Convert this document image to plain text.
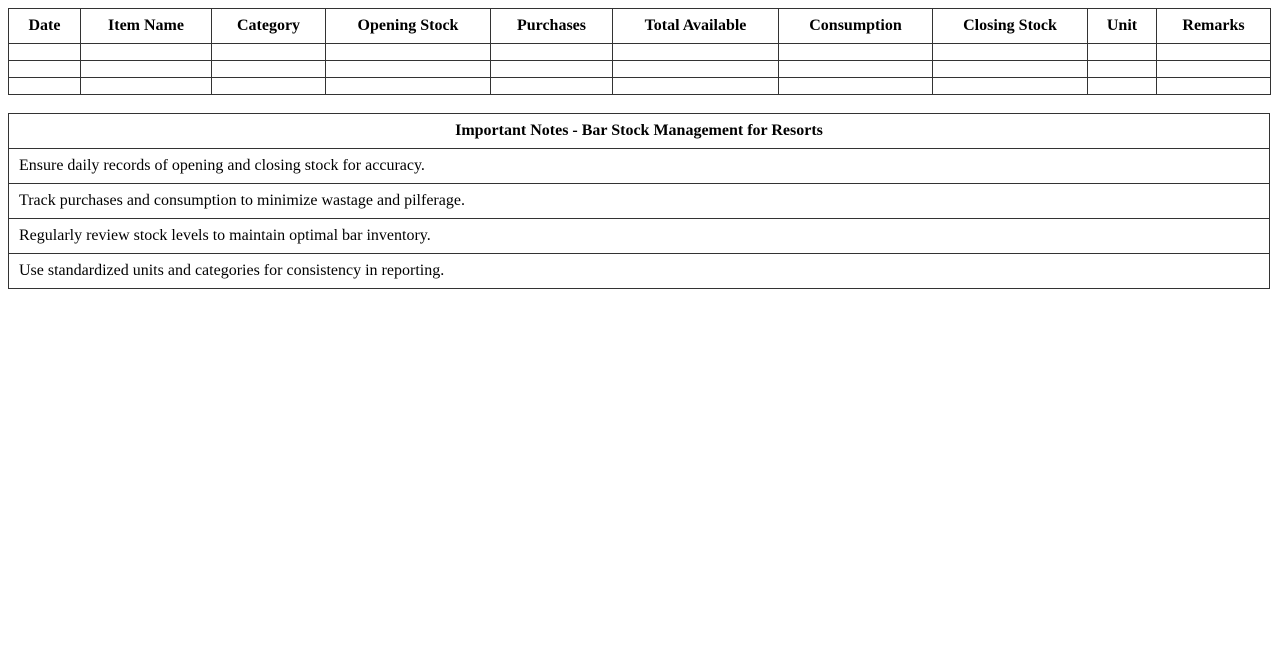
Date	Item Name	Category	Opening Stock	Purchases	Total Available	Consumption	Closing Stock	Unit	Remarks

Important Notes - Bar Stock Management for Resorts
Ensure daily records of opening and closing stock for accuracy.
Track purchases and consumption to minimize wastage and pilferage.
Regularly review stock levels to maintain optimal bar inventory.
Use standardized units and categories for consistency in reporting.
